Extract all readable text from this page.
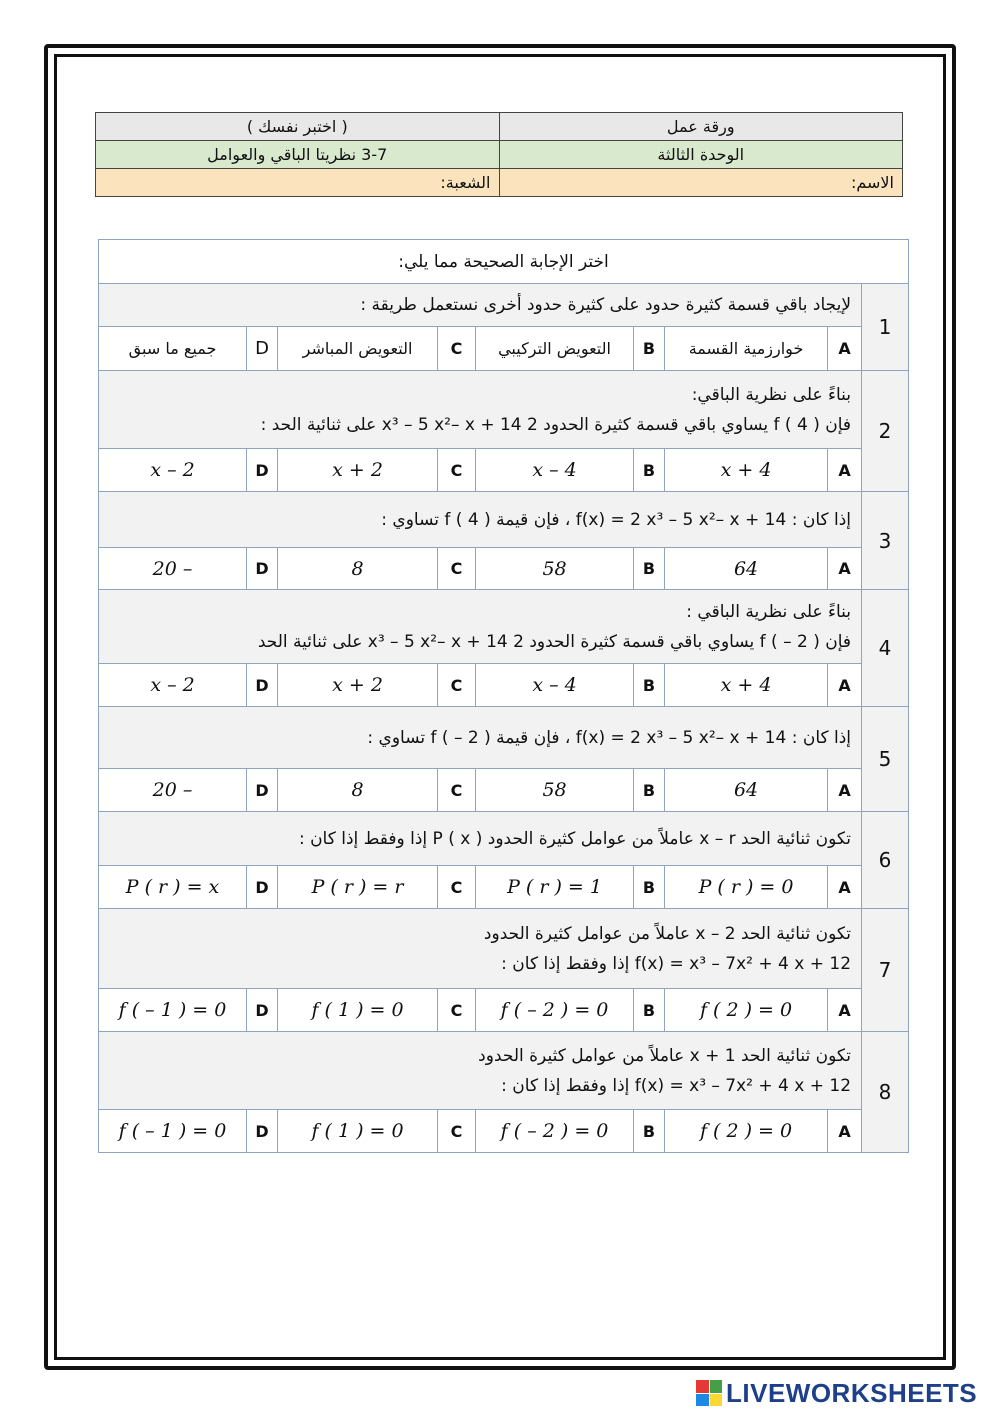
ورقة عمل	( اختبر نفسك )
الوحدة الثالثة	3-7 نظريتا الباقي والعوامل
الاسم:	الشعبة:
اختر الإجابة الصحيحة مما يلي:								
1	لإيجاد باقي قسمة كثيرة حدود على كثيرة حدود أخرى نستعمل طريقة :							
	A	خوارزمية القسمة	B	التعويض التركيبي	C	التعويض المباشر	D	جميع ما سبق
2	بناءً على نظرية الباقي:
فإن f ( 4 ) يساوي باقي قسمة كثيرة الحدود 2 x³ – 5 x²– x + 14 على ثنائية الحد :							

	A	x + 4	B	x – 4	C	x + 2	D	x – 2
3	إذا كان : f(x) = 2 x³ – 5 x²– x + 14 ، فإن قيمة f ( 4 ) تساوي :							
	A	64	B	58	C	8	D	– 20
4	بناءً على نظرية الباقي :
فإن f ( – 2 ) يساوي باقي قسمة كثيرة الحدود 2 x³ – 5 x²– x + 14 على ثنائية الحد							

	A	x + 4	B	x – 4	C	x + 2	D	x – 2
5	إذا كان : f(x) = 2 x³ – 5 x²– x + 14 ، فإن قيمة f ( – 2 ) تساوي :							
	A	64	B	58	C	8	D	– 20
6	تكون ثنائية الحد x – r عاملاً من عوامل كثيرة الحدود P ( x ) إذا وفقط إذا كان :							
	A	P ( r ) = 0	B	P ( r ) = 1	C	P ( r ) = r	D	P ( r ) = x
7	تكون ثنائية الحد x – 2 عاملاً من عوامل كثيرة الحدود
f(x) = x³ – 7x² + 4 x + 12 إذا وفقط إذا كان :							

	A	f ( 2 ) = 0	B	f ( – 2 ) = 0	C	f ( 1 ) = 0	D	f ( – 1 ) = 0
8	تكون ثنائية الحد x + 1 عاملاً من عوامل كثيرة الحدود
f(x) = x³ – 7x² + 4 x + 12 إذا وفقط إذا كان :							

	A	f ( 2 ) = 0	B	f ( – 2 ) = 0	C	f ( 1 ) = 0	D	f ( – 1 ) = 0
LIVEWORKSHEETS
